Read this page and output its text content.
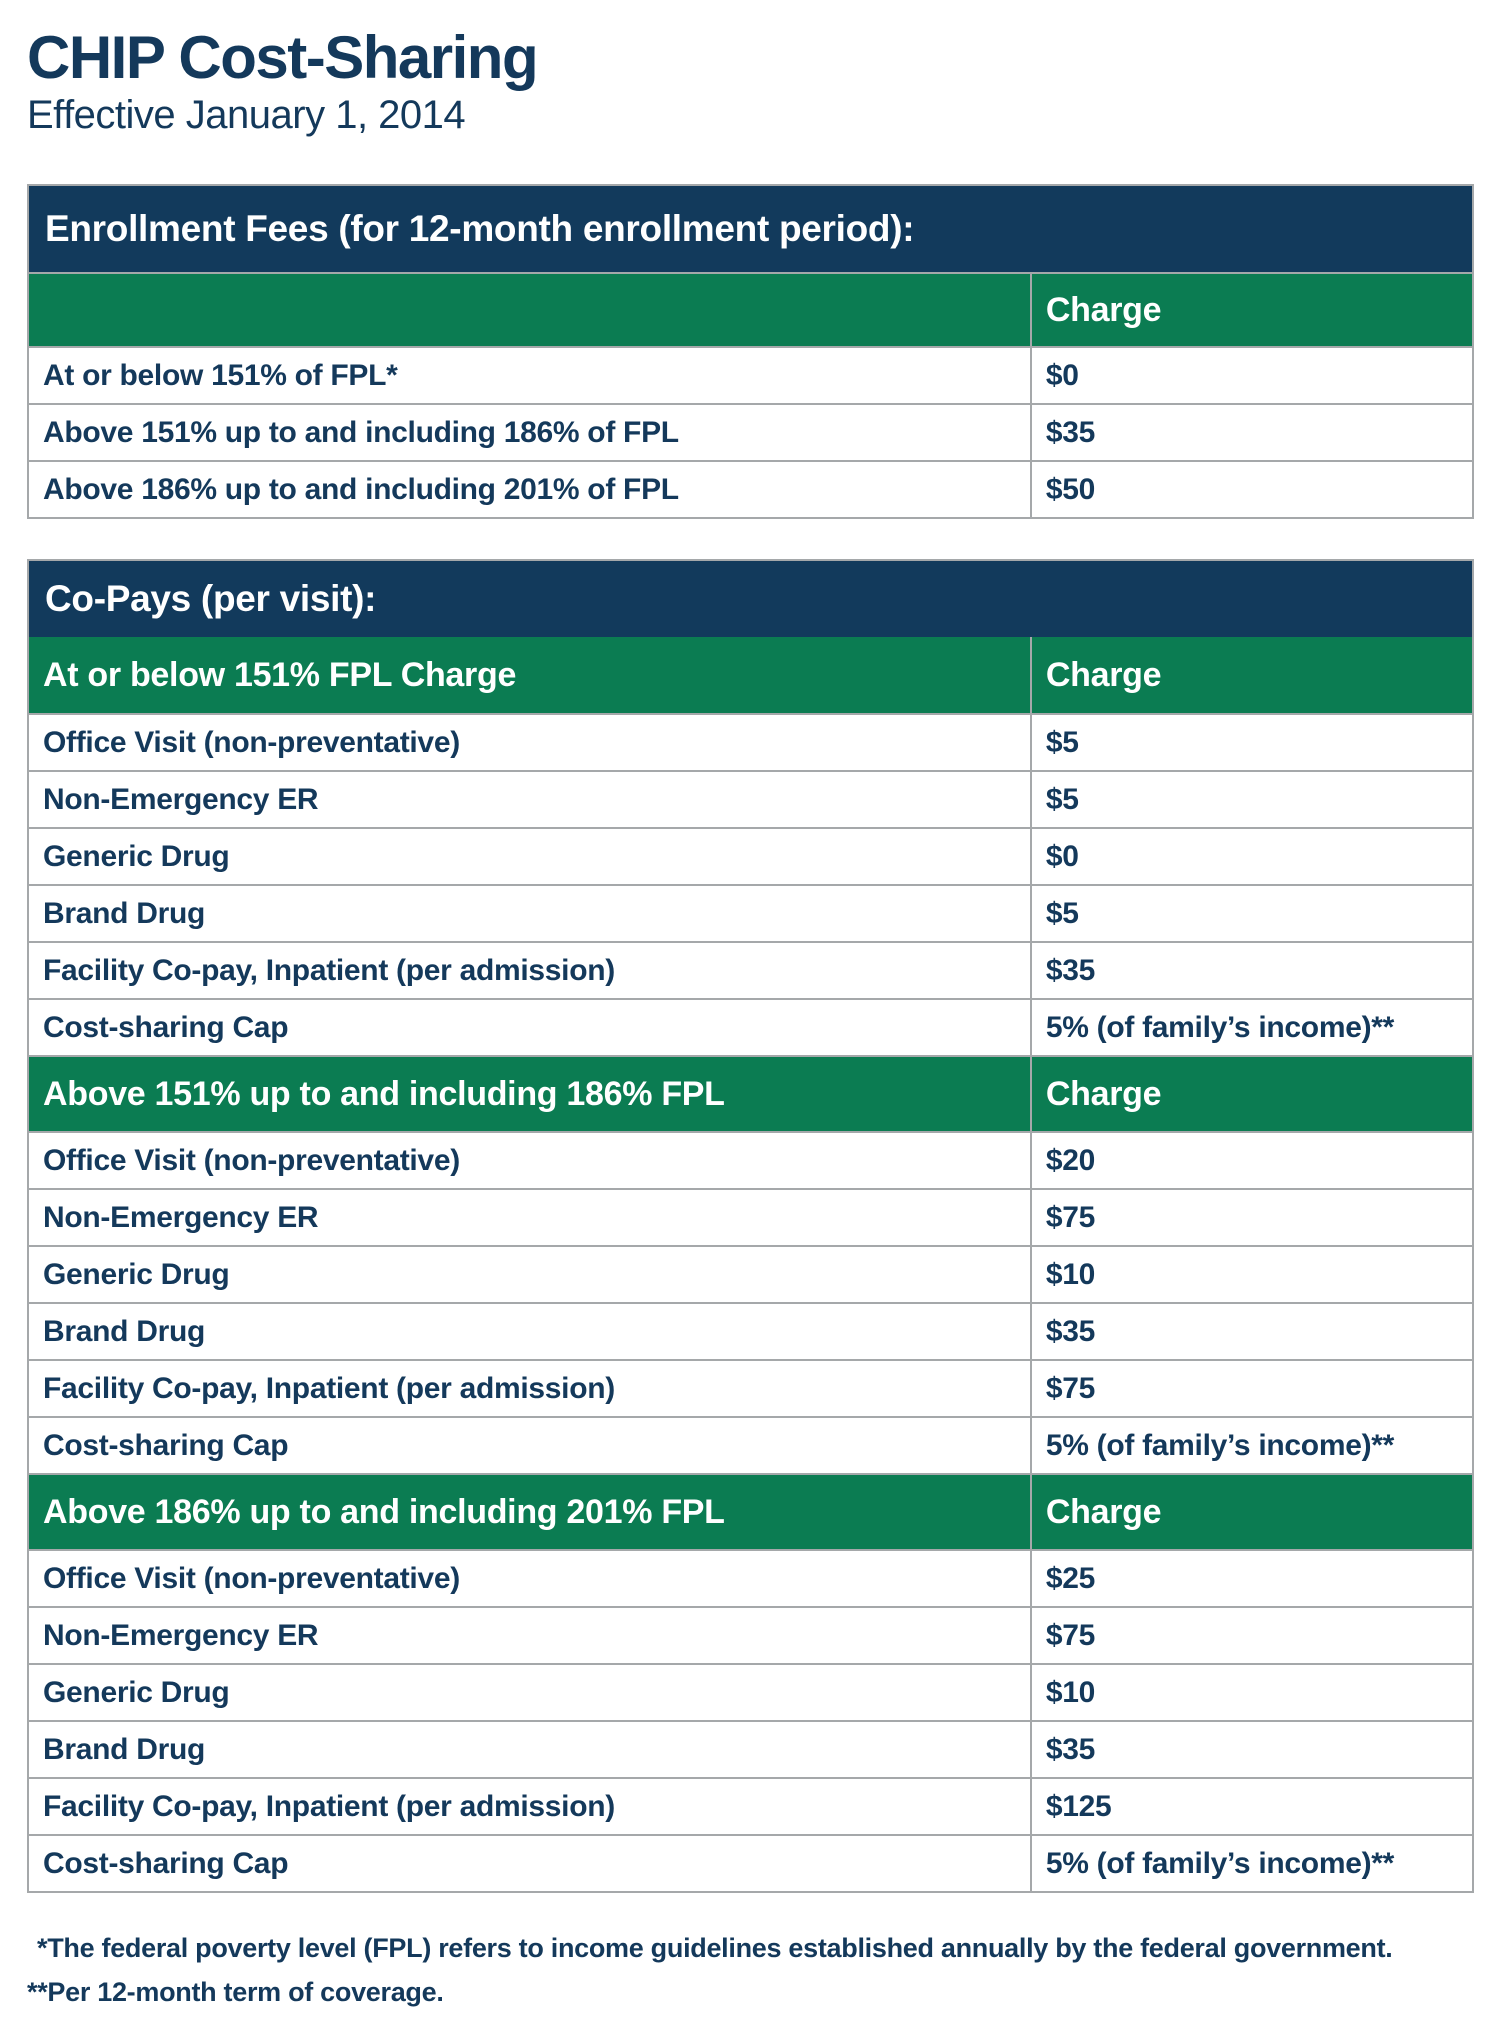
CHIP Cost-Sharing
Effective January 1, 2014
Enrollment Fees (for 12-month enrollment period):
Charge
At or below 151% of FPL*	$0
Above 151% up to and including 186% of FPL	$35
Above 186% up to and including 201% of FPL	$50
Co-Pays (per visit):
At or below 151% FPL Charge	Charge
Office Visit (non-preventative)	$5
Non-Emergency ER	$5
Generic Drug	$0
Brand Drug	$5
Facility Co-pay, Inpatient (per admission)	$35
Cost-sharing Cap	5% (of family’s income)**
Above 151% up to and including 186% FPL	Charge
Office Visit (non-preventative)	$20
Non-Emergency ER	$75
Generic Drug	$10
Brand Drug	$35
Facility Co-pay, Inpatient (per admission)	$75
Cost-sharing Cap	5% (of family’s income)**
Above 186% up to and including 201% FPL	Charge
Office Visit (non-preventative)	$25
Non-Emergency ER	$75
Generic Drug	$10
Brand Drug	$35
Facility Co-pay, Inpatient (per admission)	$125
Cost-sharing Cap	5% (of family’s income)**
*The federal poverty level (FPL) refers to income guidelines established annually by the federal government.
**Per 12-month term of coverage.
